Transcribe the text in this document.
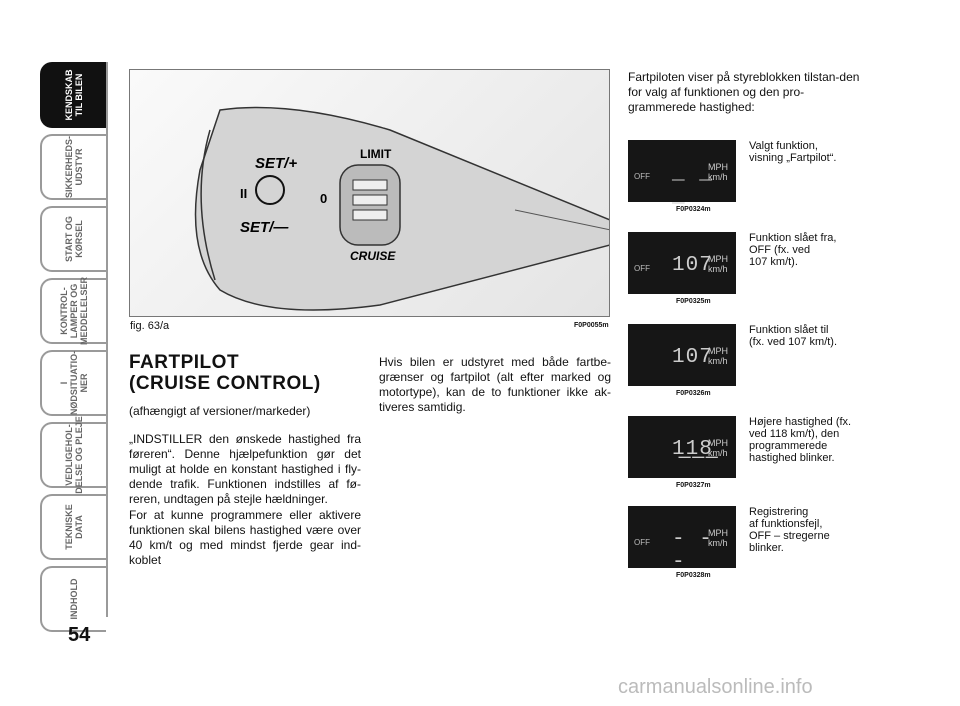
KENDSKAB
TIL BILEN
SIKKERHEDS-
UDSTYR
START OG
KØRSEL
KONTROL-
LAMPER OG
MEDDELELSER
I
NØDSITUATIO-
NER
VEDLIGEHOL-
DELSE OG PLEJE
TEKNISKE
DATA
INDHOLD
54
SET/+
SET/—
LIMIT
CRUISE
0
II
fig. 63/a	F0P0055m
FARTPILOT
(CRUISE CONTROL)
(afhængigt af versioner/markeder)
„INDSTILLER den ønskede hastighed fra føreren“. Denne hjælpefunktion gør det muligt at holde en konstant hastighed i fly-dende trafik. Funktionen indstilles af fø-reren, undtagen på stejle hældninger.
For at kunne programmere eller aktivere funktionen skal bilens hastighed være over 40 km/t og med mindst fjerde gear ind-koblet
Hvis bilen er udstyret med både fartbe-grænser og fartpilot (alt efter marked og motortype), kan de to funktioner ikke ak-tiveres samtidig.
Fartpiloten viser på styreblokken tilstan-den for valg af funktionen og den pro-grammerede hastighed:
OFF _ _ _
MPH
km/h
F0P0324m
Valgt funktion,
visning „Fartpilot“.
OFF 107
MPH
km/h
F0P0325m
Funktion slået fra,
OFF (fx. ved
107 km/t).
107
MPH
km/h
F0P0326m
Funktion slået til
(fx. ved 107 km/t).
1̲1̲8̲
MPH
km/h
F0P0327m
Højere hastighed (fx.
ved 118 km/t), den
programmerede
hastighed blinker.
OFF - - -
MPH
km/h
F0P0328m
Registrering
af funktionsfejl,
OFF – stregerne
blinker.
carmanualsonline.info
